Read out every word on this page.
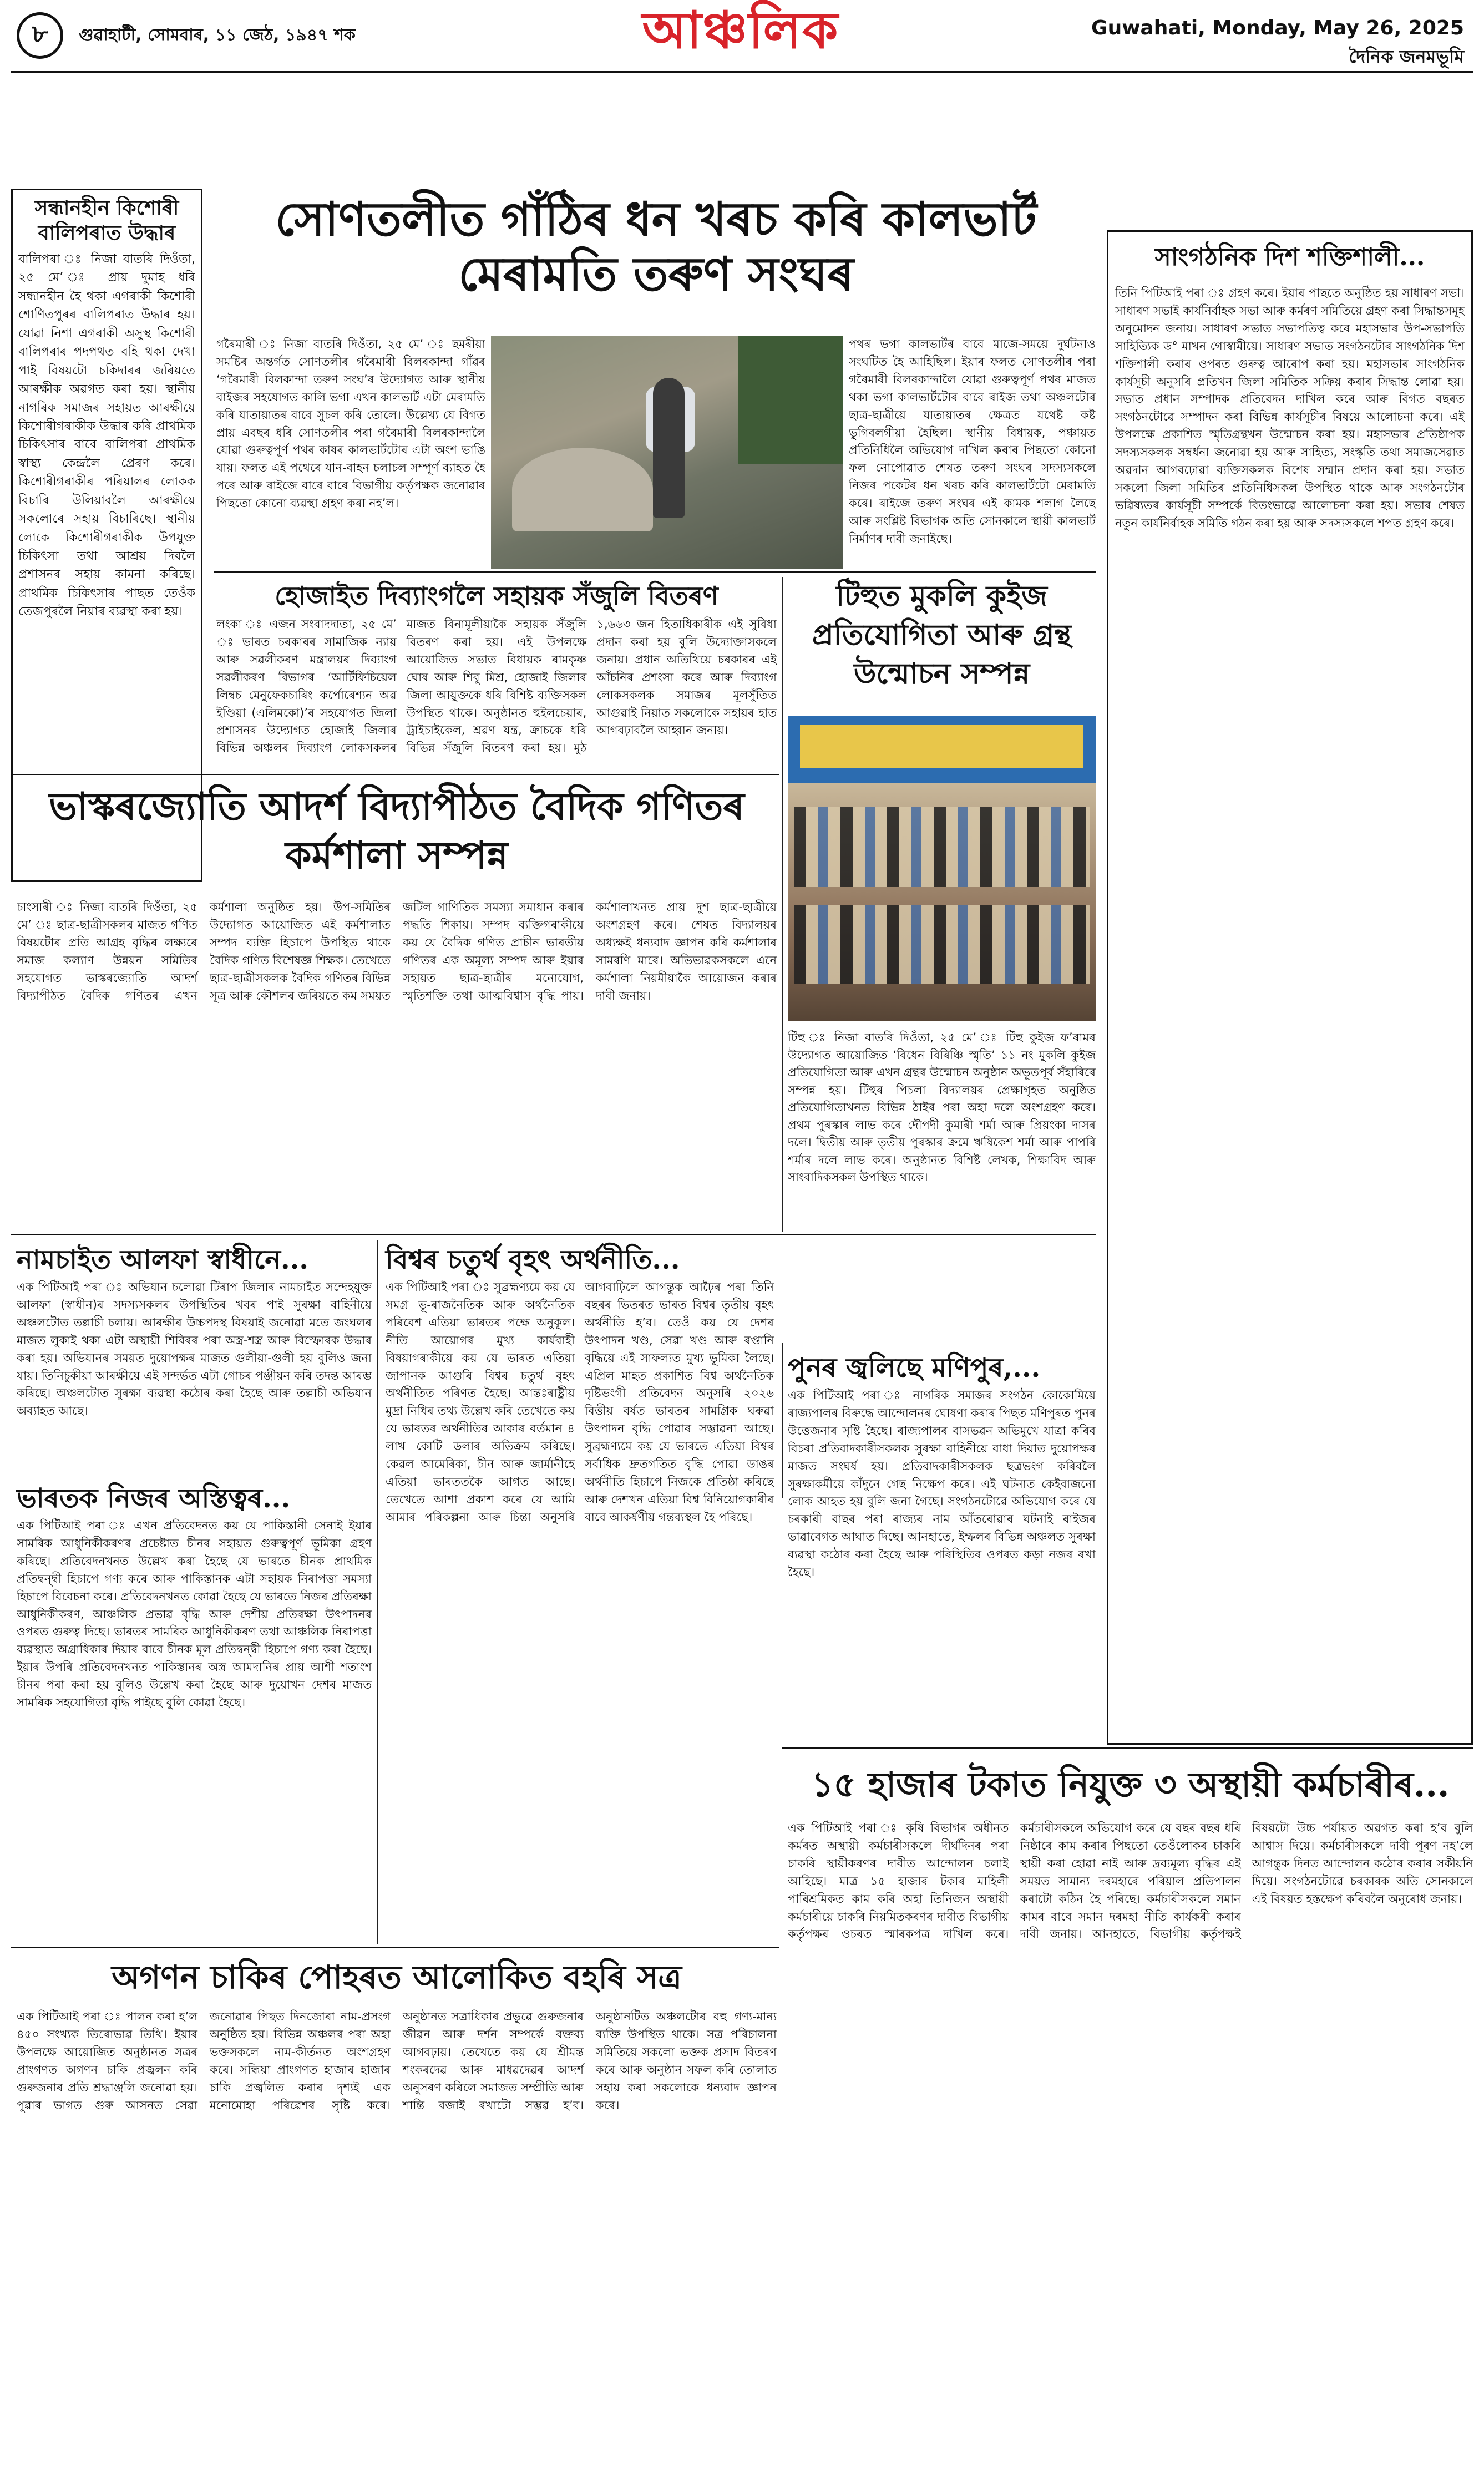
৮	গুৱাহাটী, সোমবাৰ, ১১ জেঠ, ১৯৪৭ শক	আঞ্চলিক	Guwahati, Monday, May 26, 2025
দৈনিক জনমভূমি
সন্ধানহীন কিশোৰী বালিপৰাত উদ্ধাৰ
বালিপৰা ঃ নিজা বাতৰি দিওঁতা, ২৫ মে’ ঃ প্ৰায় দুমাহ ধৰি সন্ধানহীন হৈ থকা এগৰাকী কিশোৰী শোণিতপুৰৰ বালিপৰাত উদ্ধাৰ হয়। যোৱা নিশা এগৰাকী অসুস্থ কিশোৰী বালিপৰাৰ পদপথত বহি থকা দেখা পাই বিষয়টো চকিদাৰৰ জৰিয়তে আৰক্ষীক অৱগত কৰা হয়। স্থানীয় নাগৰিক সমাজৰ সহায়ত আৰক্ষীয়ে কিশোৰীগৰাকীক উদ্ধাৰ কৰি প্ৰাথমিক চিকিৎসাৰ বাবে বালিপৰা প্ৰাথমিক স্বাস্থ্য কেন্দ্ৰলৈ প্ৰেৰণ কৰে। কিশোৰীগৰাকীৰ পৰিয়ালৰ লোকক বিচাৰি উলিয়াবলৈ আৰক্ষীয়ে সকলোৰে সহায় বিচাৰিছে। স্থানীয় লোকে কিশোৰীগৰাকীক উপযুক্ত চিকিৎসা তথা আশ্ৰয় দিবলৈ প্ৰশাসনৰ সহায় কামনা কৰিছে। প্ৰাথমিক চিকিৎসাৰ পাছত তেওঁক তেজপুৰলৈ নিয়াৰ ব্যৱস্থা কৰা হয়।
সোণতলীত গাঁঠিৰ ধন খৰচ কৰি কালভাৰ্ট মেৰামতি তৰুণ সংঘৰ
গৰৈমাৰী ঃ নিজা বাতৰি দিওঁতা, ২৫ মে’ ঃ ছমৰীয়া সমষ্টিৰ অন্তৰ্গত সোণতলীৰ গৰৈমাৰী বিলৰকান্দা গাঁৱৰ ‘গৰৈমাৰী বিলকান্দা তৰুণ সংঘ’ৰ উদ্যোগত আৰু স্থানীয় বাইজৰ সহযোগত কালি ভগা এখন কালভাৰ্ট এটা মেৰামতি কৰি যাতায়াতৰ বাবে সুচল কৰি তোলে। উল্লেখ্য যে বিগত প্ৰায় এবছৰ ধৰি সোণতলীৰ পৰা গৰৈমাৰী বিলৰকান্দালৈ যোৱা গুৰুত্বপূৰ্ণ পথৰ কাষৰ কালভাৰ্টটোৰ এটা অংশ ভাঙি যায়। ফলত এই পথেৰে যান-বাহন চলাচল সম্পূৰ্ণ ব্যাহত হৈ পৰে আৰু ৰাইজে বাৰে বাৰে বিভাগীয় কৰ্তৃপক্ষক জনোৱাৰ পিছতো কোনো ব্যৱস্থা গ্ৰহণ কৰা নহ’ল।
পথৰ ভগা কালভাৰ্টৰ বাবে মাজে-সময়ে দুৰ্ঘটনাও সংঘটিত হৈ আহিছিল। ইয়াৰ ফলত সোণতলীৰ পৰা গৰৈমাৰী বিলৰকান্দালৈ যোৱা গুৰুত্বপূৰ্ণ পথৰ মাজত থকা ভগা কালভাৰ্টটোৰ বাবে ৰাইজ তথা অঞ্চলটোৰ ছাত্ৰ-ছাত্ৰীয়ে যাতায়াতৰ ক্ষেত্ৰত যথেষ্ট কষ্ট ভুগিবলগীয়া হৈছিল। স্থানীয় বিধায়ক, পঞ্চায়ত প্ৰতিনিধিলৈ অভিযোগ দাখিল কৰাৰ পিছতো কোনো ফল নোপোৱাত শেষত তৰুণ সংঘৰ সদস্যসকলে নিজৰ পকেটৰ ধন খৰচ কৰি কালভাৰ্টটো মেৰামতি কৰে। ৰাইজে তৰুণ সংঘৰ এই কামক শলাগ লৈছে আৰু সংশ্লিষ্ট বিভাগক অতি সোনকালে স্থায়ী কালভাৰ্ট নিৰ্মাণৰ দাবী জনাইছে।
হোজাইত দিব্যাংগলৈ সহায়ক সঁজুলি বিতৰণ
লংকা ঃ এজন সংবাদদাতা, ২৫ মে’ ঃ ভাৰত চৰকাৰৰ সামাজিক ন্যায় আৰু সৱলীকৰণ মন্ত্ৰালয়ৰ দিব্যাংগ সৱলীকৰণ বিভাগৰ ‘আৰ্টিফিচিয়েল লিম্বচ মেনুফেকচাৰিং কৰ্পোৰেশ্যন অৱ ইণ্ডিয়া (এলিমকো)’ৰ সহযোগত জিলা প্ৰশাসনৰ উদ্যোগত হোজাই জিলাৰ বিভিন্ন অঞ্চলৰ দিব্যাংগ লোকসকলৰ মাজত বিনামূলীয়াকৈ সহায়ক সঁজুলি বিতৰণ কৰা হয়। এই উপলক্ষে আয়োজিত সভাত বিধায়ক ৰামকৃষ্ণ ঘোষ আৰু শিবু মিশ্ৰ, হোজাই জিলাৰ জিলা আয়ুক্তকে ধৰি বিশিষ্ট ব্যক্তিসকল উপস্থিত থাকে। অনুষ্ঠানত হুইলচেয়াৰ, ট্ৰাইচাইকেল, শ্ৰৱণ যন্ত্ৰ, ক্ৰাচকে ধৰি বিভিন্ন সঁজুলি বিতৰণ কৰা হয়। মুঠ ১,৬৬৩ জন হিতাধিকাৰীক এই সুবিধা প্ৰদান কৰা হয় বুলি উদ্যোক্তাসকলে জনায়। প্ৰধান অতিথিয়ে চৰকাৰৰ এই আঁচনিৰ প্ৰশংসা কৰে আৰু দিব্যাংগ লোকসকলক সমাজৰ মূলসুঁতিত আগুৱাই নিয়াত সকলোকে সহায়ৰ হাত আগবঢ়াবলৈ আহ্বান জনায়।
টিহুত মুকলি কুইজ প্ৰতিযোগিতা আৰু গ্ৰন্থ উন্মোচন সম্পন্ন
টিহু ঃ নিজা বাতৰি দিওঁতা, ২৫ মে’ ঃ টিহু কুইজ ফ’ৰামৰ উদ্যোগত আয়োজিত ‘বিধেন বিৰিঞ্চি স্মৃতি’ ১১ নং মুকলি কুইজ প্ৰতিযোগিতা আৰু এখন গ্ৰন্থৰ উন্মোচন অনুষ্ঠান অভূতপূৰ্ব সঁহাৰিৰে সম্পন্ন হয়। টিহুৰ পিচলা বিদ্যালয়ৰ প্ৰেক্ষাগৃহত অনুষ্ঠিত প্ৰতিযোগিতাখনত বিভিন্ন ঠাইৰ পৰা অহা দলে অংশগ্ৰহণ কৰে। প্ৰথম পুৰস্কাৰ লাভ কৰে দৌপদী কুমাৰী শৰ্মা আৰু প্ৰিয়ংকা দাসৰ দলে। দ্বিতীয় আৰু তৃতীয় পুৰস্কাৰ ক্ৰমে ঋষিকেশ শৰ্মা আৰু পাপৰি শৰ্মাৰ দলে লাভ কৰে। অনুষ্ঠানত বিশিষ্ট লেখক, শিক্ষাবিদ আৰু সাংবাদিকসকল উপস্থিত থাকে।
ভাস্কৰজ্যোতি আদৰ্শ বিদ্যাপীঠত বৈদিক গণিতৰ কৰ্মশালা সম্পন্ন
চাংসাৰী ঃ নিজা বাতৰি দিওঁতা, ২৫ মে’ ঃ ছাত্ৰ-ছাত্ৰীসকলৰ মাজত গণিত বিষয়টোৰ প্ৰতি আগ্ৰহ বৃদ্ধিৰ লক্ষ্যৰে সমাজ কল্যাণ উন্নয়ন সমিতিৰ সহযোগত ভাস্কৰজ্যোতি আদৰ্শ বিদ্যাপীঠত বৈদিক গণিতৰ এখন কৰ্মশালা অনুষ্ঠিত হয়। উপ-সমিতিৰ উদ্যোগত আয়োজিত এই কৰ্মশালাত সম্পদ ব্যক্তি হিচাপে উপস্থিত থাকে বৈদিক গণিত বিশেষজ্ঞ শিক্ষক। তেখেতে ছাত্ৰ-ছাত্ৰীসকলক বৈদিক গণিতৰ বিভিন্ন সূত্ৰ আৰু কৌশলৰ জৰিয়তে কম সময়ত জটিল গাণিতিক সমস্যা সমাধান কৰাৰ পদ্ধতি শিকায়। সম্পদ ব্যক্তিগৰাকীয়ে কয় যে বৈদিক গণিত প্ৰাচীন ভাৰতীয় গণিতৰ এক অমূল্য সম্পদ আৰু ইয়াৰ সহায়ত ছাত্ৰ-ছাত্ৰীৰ মনোযোগ, স্মৃতিশক্তি তথা আত্মবিশ্বাস বৃদ্ধি পায়। কৰ্মশালাখনত প্ৰায় দুশ ছাত্ৰ-ছাত্ৰীয়ে অংশগ্ৰহণ কৰে। শেষত বিদ্যালয়ৰ অধ্যক্ষই ধন্যবাদ জ্ঞাপন কৰি কৰ্মশালাৰ সামৰণি মাৰে। অভিভাৱকসকলে এনে কৰ্মশালা নিয়মীয়াকৈ আয়োজন কৰাৰ দাবী জনায়।
নামচাইত আলফা স্বাধীনে...
এক পিটিআই পৰা ঃ অভিযান চলোৱা টিৰাপ জিলাৰ নামচাইত সন্দেহযুক্ত আলফা (স্বাধীন)ৰ সদস্যসকলৰ উপস্থিতিৰ খবৰ পাই সুৰক্ষা বাহিনীয়ে অঞ্চলটোত তল্লাচী চলায়। আৰক্ষীৰ উচ্চপদস্থ বিষয়াই জনোৱা মতে জংঘলৰ মাজত লুকাই থকা এটা অস্থায়ী শিবিৰৰ পৰা অস্ত্ৰ-শস্ত্ৰ আৰু বিস্ফোৰক উদ্ধাৰ কৰা হয়। অভিযানৰ সময়ত দুয়োপক্ষৰ মাজত গুলীয়া-গুলী হয় বুলিও জনা যায়। তিনিচুকীয়া আৰক্ষীয়ে এই সন্দৰ্ভত এটা গোচৰ পঞ্জীয়ন কৰি তদন্ত আৰম্ভ কৰিছে। অঞ্চলটোত সুৰক্ষা ব্যৱস্থা কঠোৰ কৰা হৈছে আৰু তল্লাচী অভিযান অব্যাহত আছে।
ভাৰতক নিজৰ অস্তিত্বৰ...
এক পিটিআই পৰা ঃ এখন প্ৰতিবেদনত কয় যে পাকিস্তানী সেনাই ইয়াৰ সামৰিক আধুনিকীকৰণৰ প্ৰচেষ্টাত চীনৰ সহায়ত গুৰুত্বপূৰ্ণ ভূমিকা গ্ৰহণ কৰিছে। প্ৰতিবেদনখনত উল্লেখ কৰা হৈছে যে ভাৰতে চীনক প্ৰাথমিক প্ৰতিদ্বন্দ্বী হিচাপে গণ্য কৰে আৰু পাকিস্তানক এটা সহায়ক নিৰাপত্তা সমস্যা হিচাপে বিবেচনা কৰে। প্ৰতিবেদনখনত কোৱা হৈছে যে ভাৰতে নিজৰ প্ৰতিৰক্ষা আধুনিকীকৰণ, আঞ্চলিক প্ৰভাৱ বৃদ্ধি আৰু দেশীয় প্ৰতিৰক্ষা উৎপাদনৰ ওপৰত গুৰুত্ব দিছে। ভাৰতৰ সামৰিক আধুনিকীকৰণ তথা আঞ্চলিক নিৰাপত্তা ব্যৱস্থাত অগ্ৰাধিকাৰ দিয়াৰ বাবে চীনক মূল প্ৰতিদ্বন্দ্বী হিচাপে গণ্য কৰা হৈছে। ইয়াৰ উপৰি প্ৰতিবেদনখনত পাকিস্তানৰ অস্ত্ৰ আমদানিৰ প্ৰায় আশী শতাংশ চীনৰ পৰা কৰা হয় বুলিও উল্লেখ কৰা হৈছে আৰু দুয়োখন দেশৰ মাজত সামৰিক সহযোগিতা বৃদ্ধি পাইছে বুলি কোৱা হৈছে।
বিশ্বৰ চতুৰ্থ বৃহৎ অৰ্থনীতি...
এক পিটিআই পৰা ঃ সুব্ৰহ্মণ্যমে কয় যে সমগ্ৰ ভূ-ৰাজনৈতিক আৰু অৰ্থনৈতিক পৰিবেশ এতিয়া ভাৰতৰ পক্ষে অনুকূল। নীতি আয়োগৰ মুখ্য কাৰ্যবাহী বিষয়াগৰাকীয়ে কয় যে ভাৰত এতিয়া জাপানক আগুৰি বিশ্বৰ চতুৰ্থ বৃহৎ অৰ্থনীতিত পৰিণত হৈছে। আন্তঃৰাষ্ট্ৰীয় মুদ্ৰা নিধিৰ তথ্য উল্লেখ কৰি তেখেতে কয় যে ভাৰতৰ অৰ্থনীতিৰ আকাৰ বৰ্তমান ৪ লাখ কোটি ডলাৰ অতিক্ৰম কৰিছে। কেৱল আমেৰিকা, চীন আৰু জাৰ্মানীহে এতিয়া ভাৰততকৈ আগত আছে। তেখেতে আশা প্ৰকাশ কৰে যে আমি আমাৰ পৰিকল্পনা আৰু চিন্তা অনুসৰি আগবাঢ়িলে আগন্তুক আঢ়ৈৰ পৰা তিনি বছৰৰ ভিতৰত ভাৰত বিশ্বৰ তৃতীয় বৃহৎ অৰ্থনীতি হ’ব। তেওঁ কয় যে দেশৰ উৎপাদন খণ্ড, সেৱা খণ্ড আৰু ৰপ্তানি বৃদ্ধিয়ে এই সাফল্যত মুখ্য ভূমিকা লৈছে। এপ্ৰিল মাহত প্ৰকাশিত বিশ্ব অৰ্থনৈতিক দৃষ্টিভংগী প্ৰতিবেদন অনুসৰি ২০২৬ বিত্তীয় বৰ্ষত ভাৰতৰ সামগ্ৰিক ঘৰুৱা উৎপাদন বৃদ্ধি পোৱাৰ সম্ভাৱনা আছে। সুব্ৰহ্মণ্যমে কয় যে ভাৰতে এতিয়া বিশ্বৰ সৰ্বাধিক দ্ৰুতগতিত বৃদ্ধি পোৱা ডাঙৰ অৰ্থনীতি হিচাপে নিজকে প্ৰতিষ্ঠা কৰিছে আৰু দেশখন এতিয়া বিশ্ব বিনিয়োগকাৰীৰ বাবে আকৰ্ষণীয় গন্তব্যস্থল হৈ পৰিছে।
পুনৰ জ্বলিছে মণিপুৰ,...
এক পিটিআই পৰা ঃ নাগৰিক সমাজৰ সংগঠন কোকোমিয়ে ৰাজ্যপালৰ বিৰুদ্ধে আন্দোলনৰ ঘোষণা কৰাৰ পিছত মণিপুৰত পুনৰ উত্তেজনাৰ সৃষ্টি হৈছে। ৰাজ্যপালৰ বাসভৱন অভিমুখে যাত্ৰা কৰিব বিচৰা প্ৰতিবাদকাৰীসকলক সুৰক্ষা বাহিনীয়ে বাধা দিয়াত দুয়োপক্ষৰ মাজত সংঘৰ্ষ হয়। প্ৰতিবাদকাৰীসকলক ছত্ৰভংগ কৰিবলৈ সুৰক্ষাকৰ্মীয়ে কাঁদুনে গেছ নিক্ষেপ কৰে। এই ঘটনাত কেইবাজনো লোক আহত হয় বুলি জনা গৈছে। সংগঠনটোৱে অভিযোগ কৰে যে চৰকাৰী বাছৰ পৰা ৰাজ্যৰ নাম আঁতৰোৱাৰ ঘটনাই ৰাইজৰ ভাৱাবেগত আঘাত দিছে। আনহাতে, ইম্ফলৰ বিভিন্ন অঞ্চলত সুৰক্ষা ব্যৱস্থা কঠোৰ কৰা হৈছে আৰু পৰিস্থিতিৰ ওপৰত কড়া নজৰ ৰখা হৈছে।
সাংগঠনিক দিশ শক্তিশালী...
তিনি পিটিআই পৰা ঃ গ্ৰহণ কৰে। ইয়াৰ পাছতে অনুষ্ঠিত হয় সাধাৰণ সভা। সাধাৰণ সভাই কাৰ্যনিৰ্বাহক সভা আৰু কৰ্মৰণ সমিতিয়ে গ্ৰহণ কৰা সিদ্ধান্তসমূহ অনুমোদন জনায়। সাধাৰণ সভাত সভাপতিত্ব কৰে মহাসভাৰ উপ-সভাপতি সাহিত্যিক ড° মাখন গোস্বামীয়ে। সাধাৰণ সভাত সংগঠনটোৰ সাংগঠনিক দিশ শক্তিশালী কৰাৰ ওপৰত গুৰুত্ব আৰোপ কৰা হয়। মহাসভাৰ সাংগঠনিক কাৰ্যসূচী অনুসৰি প্ৰতিখন জিলা সমিতিক সক্ৰিয় কৰাৰ সিদ্ধান্ত লোৱা হয়। সভাত প্ৰধান সম্পাদক প্ৰতিবেদন দাখিল কৰে আৰু বিগত বছৰত সংগঠনটোৱে সম্পাদন কৰা বিভিন্ন কাৰ্যসূচীৰ বিষয়ে আলোচনা কৰে। এই উপলক্ষে প্ৰকাশিত স্মৃতিগ্ৰন্থখন উন্মোচন কৰা হয়। মহাসভাৰ প্ৰতিষ্ঠাপক সদস্যসকলক সম্বৰ্ধনা জনোৱা হয় আৰু সাহিত্য, সংস্কৃতি তথা সমাজসেৱাত অৱদান আগবঢ়োৱা ব্যক্তিসকলক বিশেষ সম্মান প্ৰদান কৰা হয়। সভাত সকলো জিলা সমিতিৰ প্ৰতিনিধিসকল উপস্থিত থাকে আৰু সংগঠনটোৰ ভৱিষ্যতৰ কাৰ্যসূচী সম্পৰ্কে বিতংভাৱে আলোচনা কৰা হয়। সভাৰ শেষত নতুন কাৰ্যনিৰ্বাহক সমিতি গঠন কৰা হয় আৰু সদস্যসকলে শপত গ্ৰহণ কৰে।
১৫ হাজাৰ টকাত নিযুক্ত ৩ অস্থায়ী কৰ্মচাৰীৰ...
এক পিটিআই পৰা ঃ কৃষি বিভাগৰ অধীনত কৰ্মৰত অস্থায়ী কৰ্মচাৰীসকলে দীৰ্ঘদিনৰ পৰা চাকৰি স্থায়ীকৰণৰ দাবীত আন্দোলন চলাই আহিছে। মাত্ৰ ১৫ হাজাৰ টকাৰ মাহিলী পাৰিশ্ৰমিকত কাম কৰি অহা তিনিজন অস্থায়ী কৰ্মচাৰীয়ে চাকৰি নিয়মিতকৰণৰ দাবীত বিভাগীয় কৰ্তৃপক্ষৰ ওচৰত স্মাৰকপত্ৰ দাখিল কৰে। কৰ্মচাৰীসকলে অভিযোগ কৰে যে বছৰ বছৰ ধৰি নিষ্ঠাৰে কাম কৰাৰ পিছতো তেওঁলোকৰ চাকৰি স্থায়ী কৰা হোৱা নাই আৰু দ্ৰব্যমূল্য বৃদ্ধিৰ এই সময়ত সামান্য দৰমহাৰে পৰিয়াল প্ৰতিপালন কৰাটো কঠিন হৈ পৰিছে। কৰ্মচাৰীসকলে সমান কামৰ বাবে সমান দৰমহা নীতি কাৰ্যকৰী কৰাৰ দাবী জনায়। আনহাতে, বিভাগীয় কৰ্তৃপক্ষই বিষয়টো উচ্চ পৰ্যায়ত অৱগত কৰা হ’ব বুলি আশ্বাস দিয়ে। কৰ্মচাৰীসকলে দাবী পূৰণ নহ’লে আগন্তুক দিনত আন্দোলন কঠোৰ কৰাৰ সকীয়নি দিয়ে। সংগঠনটোৱে চৰকাৰক অতি সোনকালে এই বিষয়ত হস্তক্ষেপ কৰিবলৈ অনুৰোধ জনায়।
অগণন চাকিৰ পোহৰত আলোকিত বহৰি সত্ৰ
এক পিটিআই পৰা ঃ পালন কৰা হ’ল ৪৫০ সংখ্যক তিৰোভাৱ তিথি। ইয়াৰ উপলক্ষে আয়োজিত অনুষ্ঠানত সত্ৰৰ প্ৰাংগণত অগণন চাকি প্ৰজ্বলন কৰি গুৰুজনাৰ প্ৰতি শ্ৰদ্ধাঞ্জলি জনোৱা হয়। পুৱাৰ ভাগত গুৰু আসনত সেৱা জনোৱাৰ পিছত দিনজোৰা নাম-প্ৰসংগ অনুষ্ঠিত হয়। বিভিন্ন অঞ্চলৰ পৰা অহা ভক্তসকলে নাম-কীৰ্তনত অংশগ্ৰহণ কৰে। সন্ধিয়া প্ৰাংগণত হাজাৰ হাজাৰ চাকি প্ৰজ্বলিত কৰাৰ দৃশ্যই এক মনোমোহা পৰিৱেশৰ সৃষ্টি কৰে। অনুষ্ঠানত সত্ৰাধিকাৰ প্ৰভুৱে গুৰুজনাৰ জীৱন আৰু দৰ্শন সম্পৰ্কে বক্তব্য আগবঢ়ায়। তেখেতে কয় যে শ্ৰীমন্ত শংকৰদেৱ আৰু মাধৱদেৱৰ আদৰ্শ অনুসৰণ কৰিলে সমাজত সম্প্ৰীতি আৰু শান্তি বজাই ৰখাটো সম্ভৱ হ’ব। অনুষ্ঠানটিত অঞ্চলটোৰ বহু গণ্য-মান্য ব্যক্তি উপস্থিত থাকে। সত্ৰ পৰিচালনা সমিতিয়ে সকলো ভক্তক প্ৰসাদ বিতৰণ কৰে আৰু অনুষ্ঠান সফল কৰি তোলাত সহায় কৰা সকলোকে ধন্যবাদ জ্ঞাপন কৰে।
